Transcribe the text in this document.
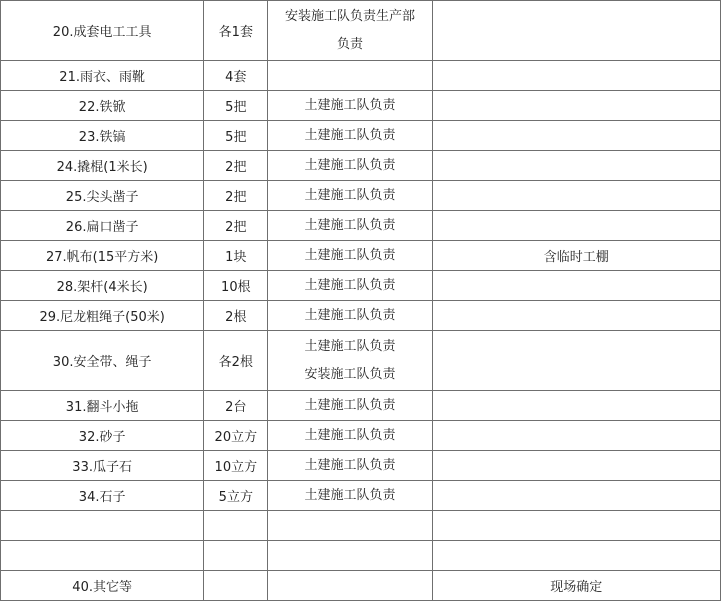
20.成套电工工具	各1套	安装施工队负责生产部
负责	

21.雨衣、雨靴	4套		
22.铁锨	5把	土建施工队负责	

23.铁镐	5把	土建施工队负责	

24.撬棍(1米长)	2把	土建施工队负责	

25.尖头凿子	2把	土建施工队负责	

26.扁口凿子	2把	土建施工队负责	

27.帆布(15平方米)	1块	土建施工队负责	含临时工棚
28.架杆(4米长)	10根	土建施工队负责	

29.尼龙粗绳子(50米)	2根	土建施工队负责	

30.安全带、绳子	各2根	土建施工队负责
安装施工队负责	

31.翻斗小拖	2台	土建施工队负责	

32.砂子	20立方	土建施工队负责	

33.瓜子石	10立方	土建施工队负责	

34.石子	5立方	土建施工队负责	

40.其它等			现场确定
